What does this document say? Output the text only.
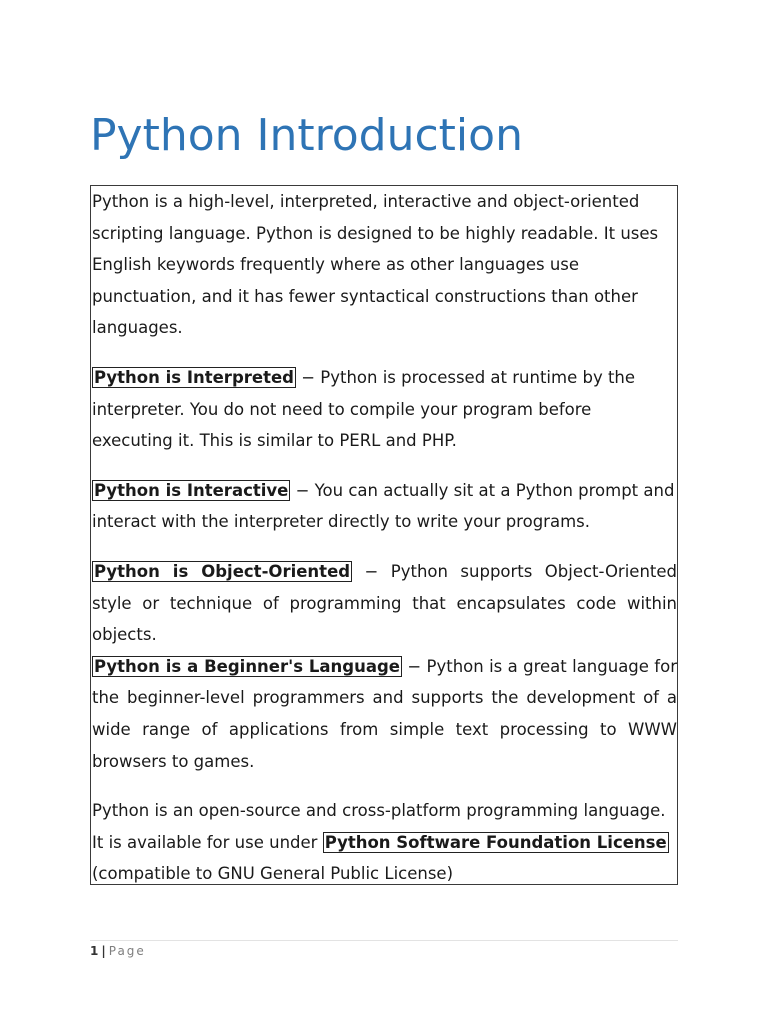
Python Introduction

Python is a high-level, interpreted, interactive and object-oriented scripting language. Python is designed to be highly readable. It uses English keywords frequently where as other languages use punctuation, and it has fewer syntactical constructions than other languages.

Python is Interpreted − Python is processed at runtime by the interpreter. You do not need to compile your program before executing it. This is similar to PERL and PHP.

Python is Interactive − You can actually sit at a Python prompt and interact with the interpreter directly to write your programs.

Python is Object-Oriented − Python supports Object-Oriented style or technique of programming that encapsulates code within objects.

Python is a Beginner's Language − Python is a great language for the beginner-level programmers and supports the development of a wide range of applications from simple text processing to WWW browsers to games.

Python is an open-source and cross-platform programming language. It is available for use under Python Software Foundation License (compatible to GNU General Public License)

1 | Page
